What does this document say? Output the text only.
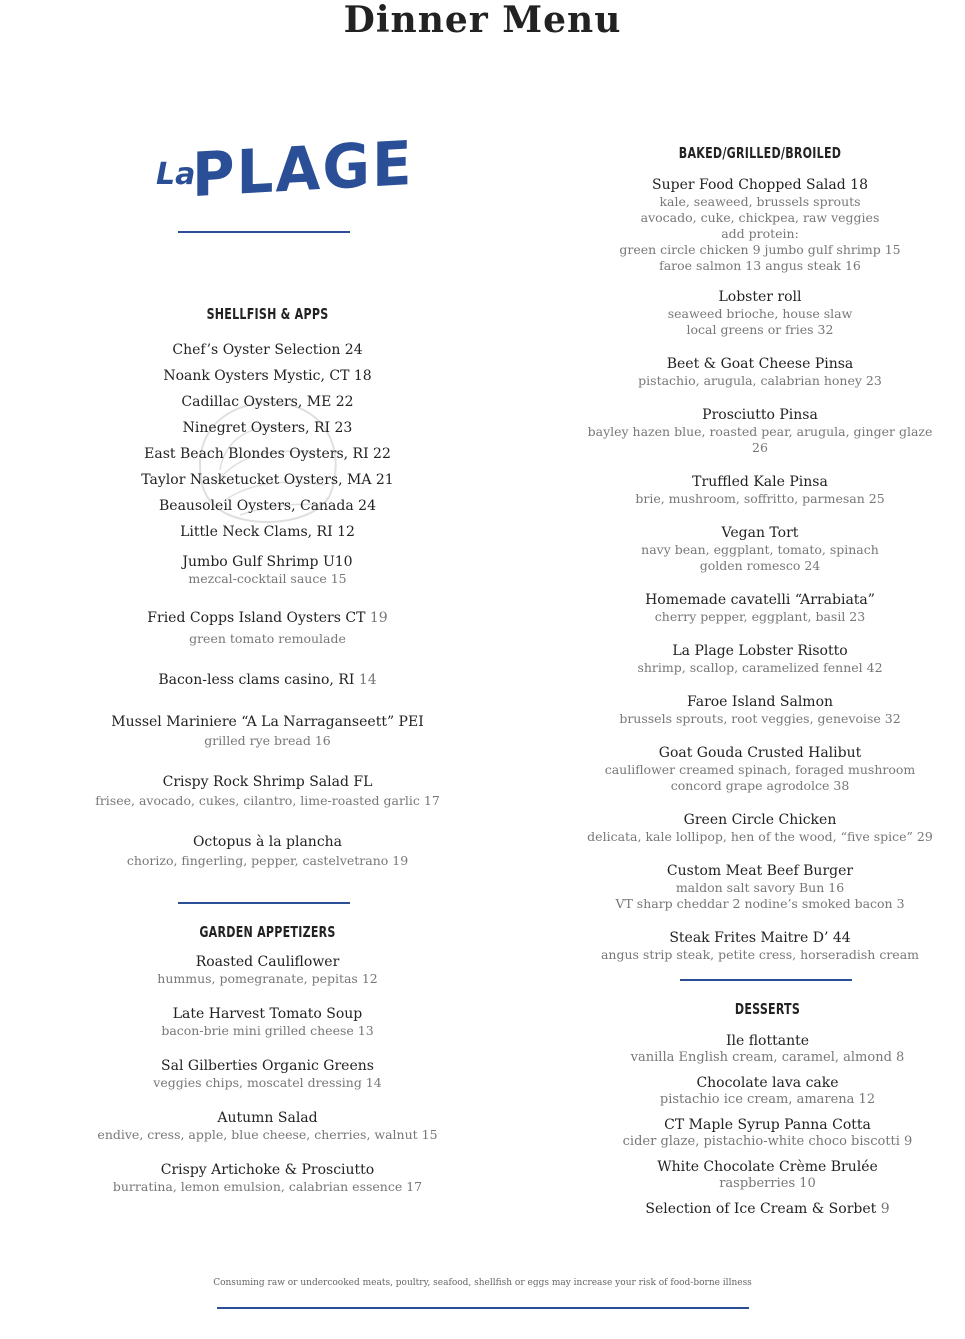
Dinner Menu
La
PLAGE
SHELLFISH & APPS
Chef’s Oyster Selection 24
Noank Oysters Mystic, CT 18
Cadillac Oysters, ME 22
Ninegret Oysters, RI 23
East Beach Blondes Oysters, RI 22
Taylor Nasketucket Oysters, MA 21
Beausoleil Oysters, Canada 24
Little Neck Clams, RI 12
Jumbo Gulf Shrimp U10
mezcal-cocktail sauce 15
Fried Copps Island Oysters CT 19
green tomato remoulade
Bacon-less clams casino, RI 14
Mussel Mariniere “A La Narraganseett” PEI
grilled rye bread 16
Crispy Rock Shrimp Salad FL
frisee, avocado, cukes, cilantro, lime-roasted garlic 17
Octopus à la plancha
chorizo, fingerling, pepper, castelvetrano 19
GARDEN APPETIZERS
Roasted Cauliflower
hummus, pomegranate, pepitas 12
Late Harvest Tomato Soup
bacon-brie mini grilled cheese 13
Sal Gilberties Organic Greens
veggies chips, moscatel dressing 14
Autumn Salad
endive, cress, apple, blue cheese, cherries, walnut 15
Crispy Artichoke & Prosciutto
burratina, lemon emulsion, calabrian essence 17
BAKED/GRILLED/BROILED
Super Food Chopped Salad 18
kale, seaweed, brussels sprouts
avocado, cuke, chickpea, raw veggies
add protein:
green circle chicken 9 jumbo gulf shrimp 15
faroe salmon 13 angus steak 16
Lobster roll
seaweed brioche, house slaw
local greens or fries 32
Beet & Goat Cheese Pinsa
pistachio, arugula, calabrian honey 23
Prosciutto Pinsa
bayley hazen blue, roasted pear, arugula, ginger glaze 26
Truffled Kale Pinsa
brie, mushroom, soffritto, parmesan 25
Vegan Tort
navy bean, eggplant, tomato, spinach
golden romesco 24
Homemade cavatelli “Arrabiata”
cherry pepper, eggplant, basil 23
La Plage Lobster Risotto
shrimp, scallop, caramelized fennel 42
Faroe Island Salmon
brussels sprouts, root veggies, genevoise 32
Goat Gouda Crusted Halibut
cauliflower creamed spinach, foraged mushroom
concord grape agrodolce 38
Green Circle Chicken
delicata, kale lollipop, hen of the wood, “five spice” 29
Custom Meat Beef Burger
maldon salt savory Bun 16
VT sharp cheddar 2 nodine’s smoked bacon 3
Steak Frites Maitre D’ 44
angus strip steak, petite cress, horseradish cream
DESSERTS
Ile flottante
vanilla English cream, caramel, almond 8
Chocolate lava cake
pistachio ice cream, amarena 12
CT Maple Syrup Panna Cotta
cider glaze, pistachio-white choco biscotti 9
White Chocolate Crème Brulée
raspberries 10
Selection of Ice Cream & Sorbet 9
Consuming raw or undercooked meats, poultry, seafood, shellfish or eggs may increase your risk of food-borne illness
